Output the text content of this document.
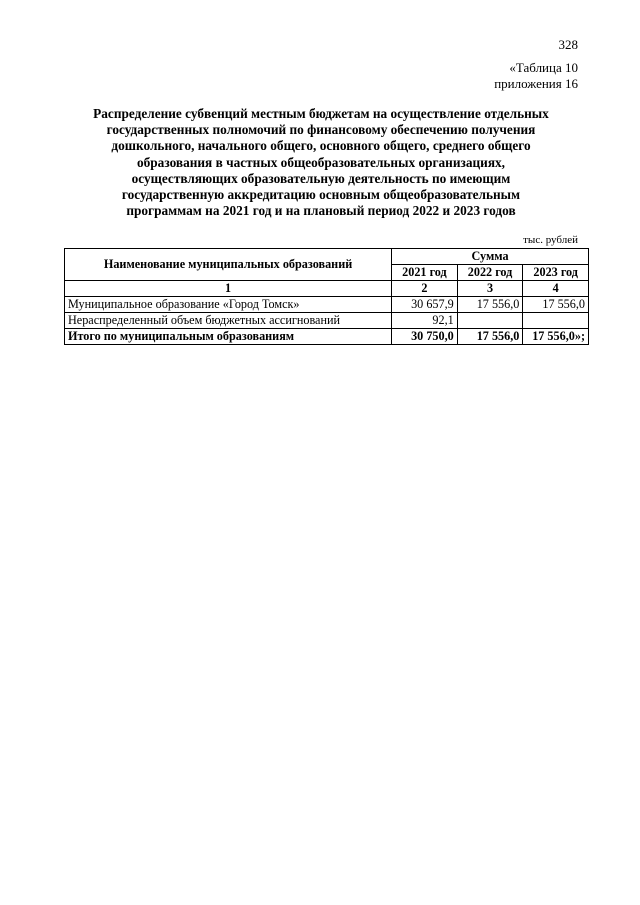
328
«Таблица 10
приложения 16
Распределение субвенций местным бюджетам на осуществление отдельных
государственных полномочий по финансовому обеспечению получения
дошкольного, начального общего, основного общего, среднего общего
образования в частных общеобразовательных организациях,
осуществляющих образовательную деятельность по имеющим
государственную аккредитацию основным общеобразовательным
программам на 2021 год и на плановый период 2022 и 2023 годов
тыс. рублей
Наименование муниципальных образований	Сумма		
	2021 год	2022 год	2023 год
1	2	3	4
Муниципальное образование «Город Томск»	30 657,9	17 556,0	17 556,0
Нераспределенный объем бюджетных ассигнований	92,1		
Итого по муниципальным образованиям	30 750,0	17 556,0	17 556,0»;
